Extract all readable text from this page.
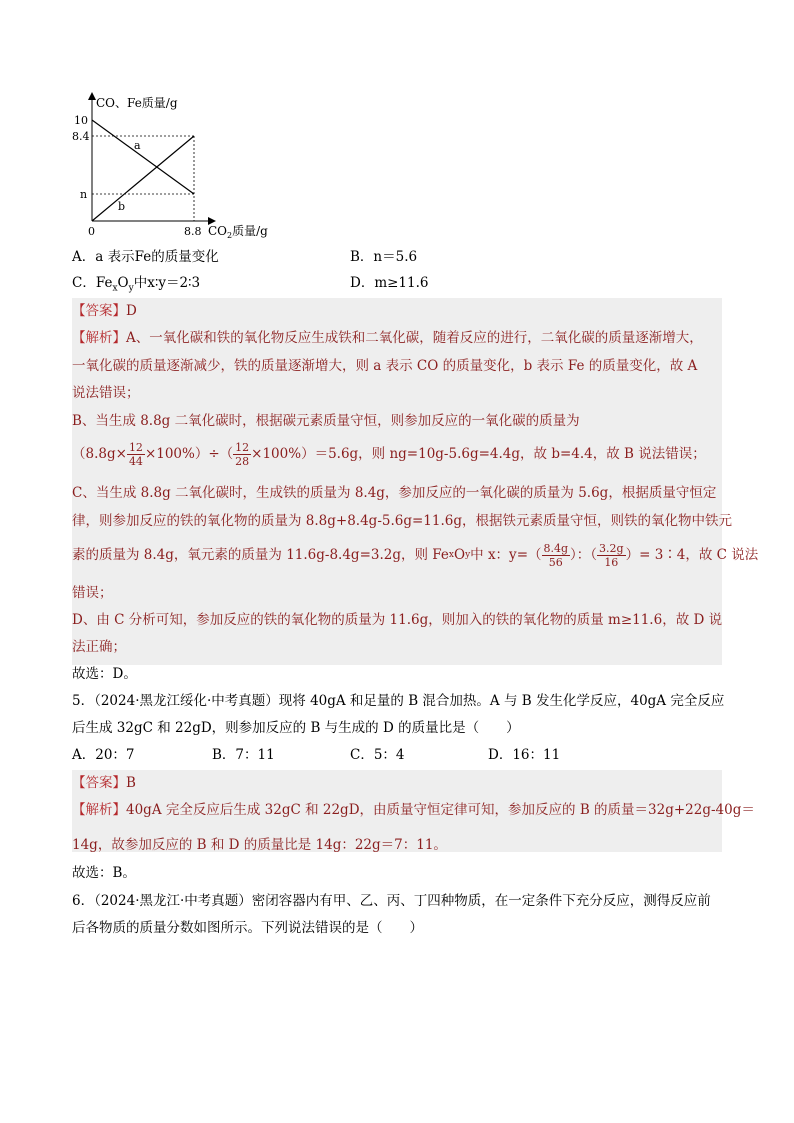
CO、Fe质量/g
10
8.4
n
a
b
0	8.8 $CO_2$质量/g
A．a 表示Fe的质量变化	B．n＝5.6
C．$Fe_xO_y$中x∶y＝2∶3	D．m≥11.6
【答案】D
【解析】A、一氧化碳和铁的氧化物反应生成铁和二氧化碳，随着反应的进行，二氧化碳的质量逐渐增大，
一氧化碳的质量逐渐减少，铁的质量逐渐增大，则 a 表示 CO 的质量变化，b 表示 Fe 的质量变化，故 A
说法错误；
B、当生成 8.8g 二氧化碳时，根据碳元素质量守恒，则参加反应的一氧化碳的质量为
$(8.8g\times \frac{12}{44} \times 100\%)\div( \frac{12}{28} \times 100\%)=5.6g$，则 ng=10g-5.6g=4.4g，故 b=4.4，故 B 说法错误；
C、当生成 8.8g 二氧化碳时，生成铁的质量为 8.4g，参加反应的一氧化碳的质量为 5.6g，根据质量守恒定
律，则参加反应的铁的氧化物的质量为 8.8g+8.4g-5.6g=11.6g，根据铁元素质量守恒，则铁的氧化物中铁元
素的质量为 8.4g，氧元素的质量为 11.6g-8.4g=3.2g，则 Fe x O y 中 x：$y=( \frac{8.4g}{56}$ ）：（ $\frac{3.2g}{16}$ ）= 3∶4，故 C 说法
错误；
D、由 C 分析可知，参加反应的铁的氧化物的质量为 11.6g，则加入的铁的氧化物的质量 m≥11.6，故 D 说
法正确；
故选：D。
5．（2024·黑龙江绥化·中考真题）现将 40gA 和足量的 B 混合加热。A 与 B 发生化学反应，40gA 完全反应
后生成 32gC 和 22gD，则参加反应的 B 与生成的 D 的质量比是（　　）
A．20：7	B．7：11	C．5：4	D．16：11
【答案】B
【解析】40gA 完全反应后生成 32gC 和 22gD，由质量守恒定律可知，参加反应的 B 的质量＝32g+22g-40g＝
14g，故参加反应的 B 和 D 的质量比是 14g：22g＝7：11。
故选：B。
6．（2024·黑龙江·中考真题）密闭容器内有甲、乙、丙、丁四种物质，在一定条件下充分反应，测得反应前
后各物质的质量分数如图所示。下列说法错误的是（　　）
